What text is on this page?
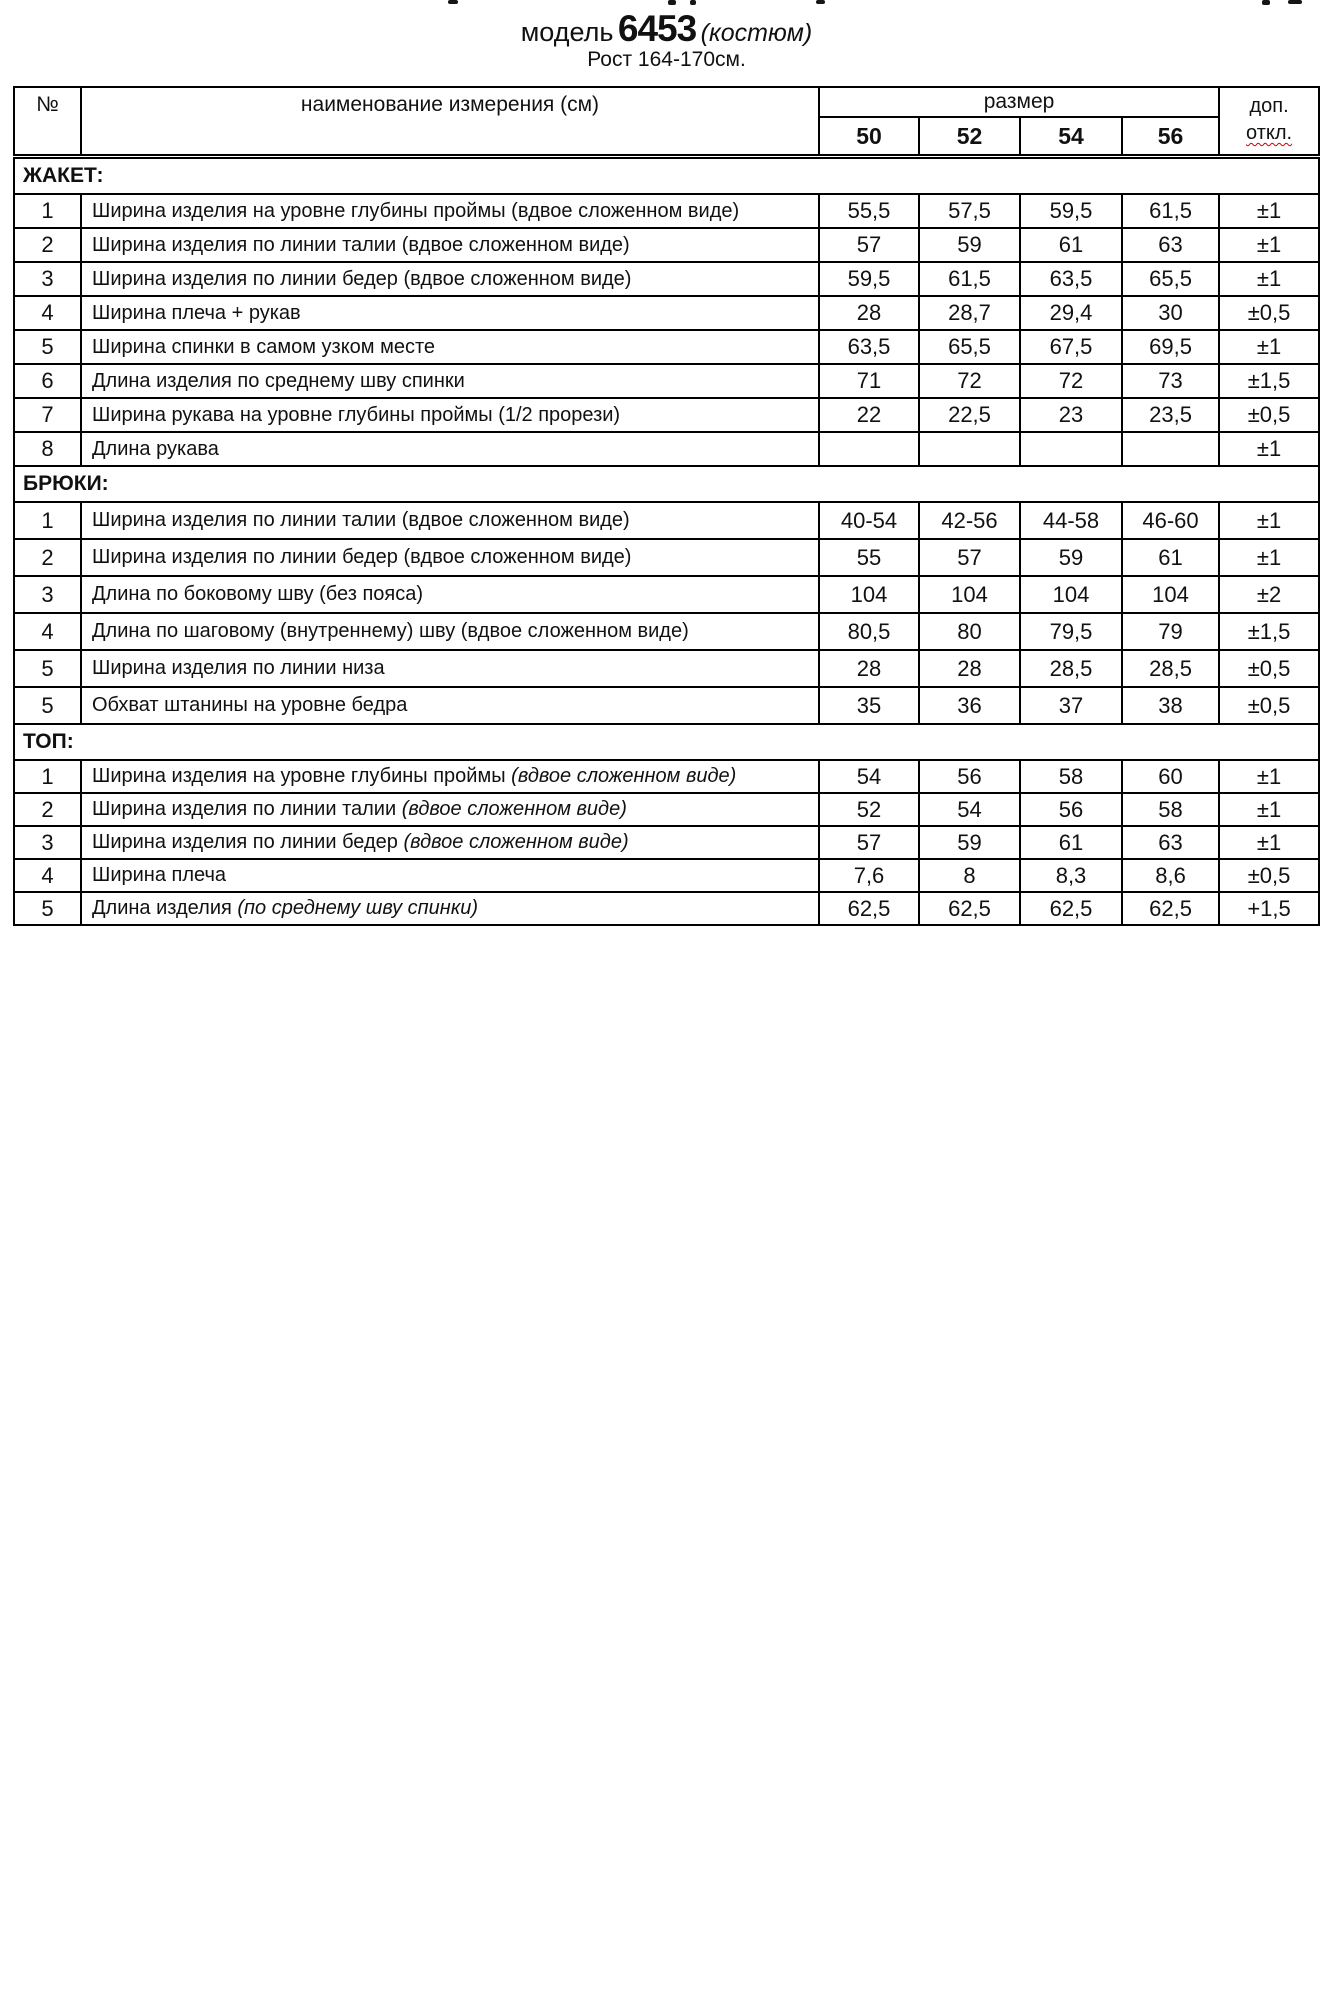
модель 6453 (костюм)
Рост 164-170см.
№	наименование измерения (см)	размер				доп.
откл.

		50	52	54	56	
ЖАКЕТ:						
1	Ширина изделия на уровне глубины проймы (вдвое сложенном виде)	55,5	57,5	59,5	61,5	±1
2	Ширина изделия по линии талии (вдвое сложенном виде)	57	59	61	63	±1
3	Ширина изделия по линии бедер (вдвое сложенном виде)	59,5	61,5	63,5	65,5	±1
4	Ширина плеча + рукав	28	28,7	29,4	30	±0,5
5	Ширина спинки в самом узком месте	63,5	65,5	67,5	69,5	±1
6	Длина изделия по среднему шву спинки	71	72	72	73	±1,5
7	Ширина рукава на уровне глубины проймы (1/2 прорези)	22	22,5	23	23,5	±0,5
8	Длина рукава					±1
БРЮКИ:						
1	Ширина изделия по линии талии (вдвое сложенном виде)	40-54	42-56	44-58	46-60	±1
2	Ширина изделия по линии бедер (вдвое сложенном виде)	55	57	59	61	±1
3	Длина по боковому шву (без пояса)	104	104	104	104	±2
4	Длина по шаговому (внутреннему) шву (вдвое сложенном виде)	80,5	80	79,5	79	±1,5
5	Ширина изделия по линии низа	28	28	28,5	28,5	±0,5
5	Обхват штанины на уровне бедра	35	36	37	38	±0,5
ТОП:						
1	Ширина изделия на уровне глубины проймы (вдвое сложенном виде)	54	56	58	60	±1
2	Ширина изделия по линии талии (вдвое сложенном виде)	52	54	56	58	±1
3	Ширина изделия по линии бедер (вдвое сложенном виде)	57	59	61	63	±1
4	Ширина плеча	7,6	8	8,3	8,6	±0,5
5	Длина изделия (по среднему шву спинки)	62,5	62,5	62,5	62,5	+1,5
